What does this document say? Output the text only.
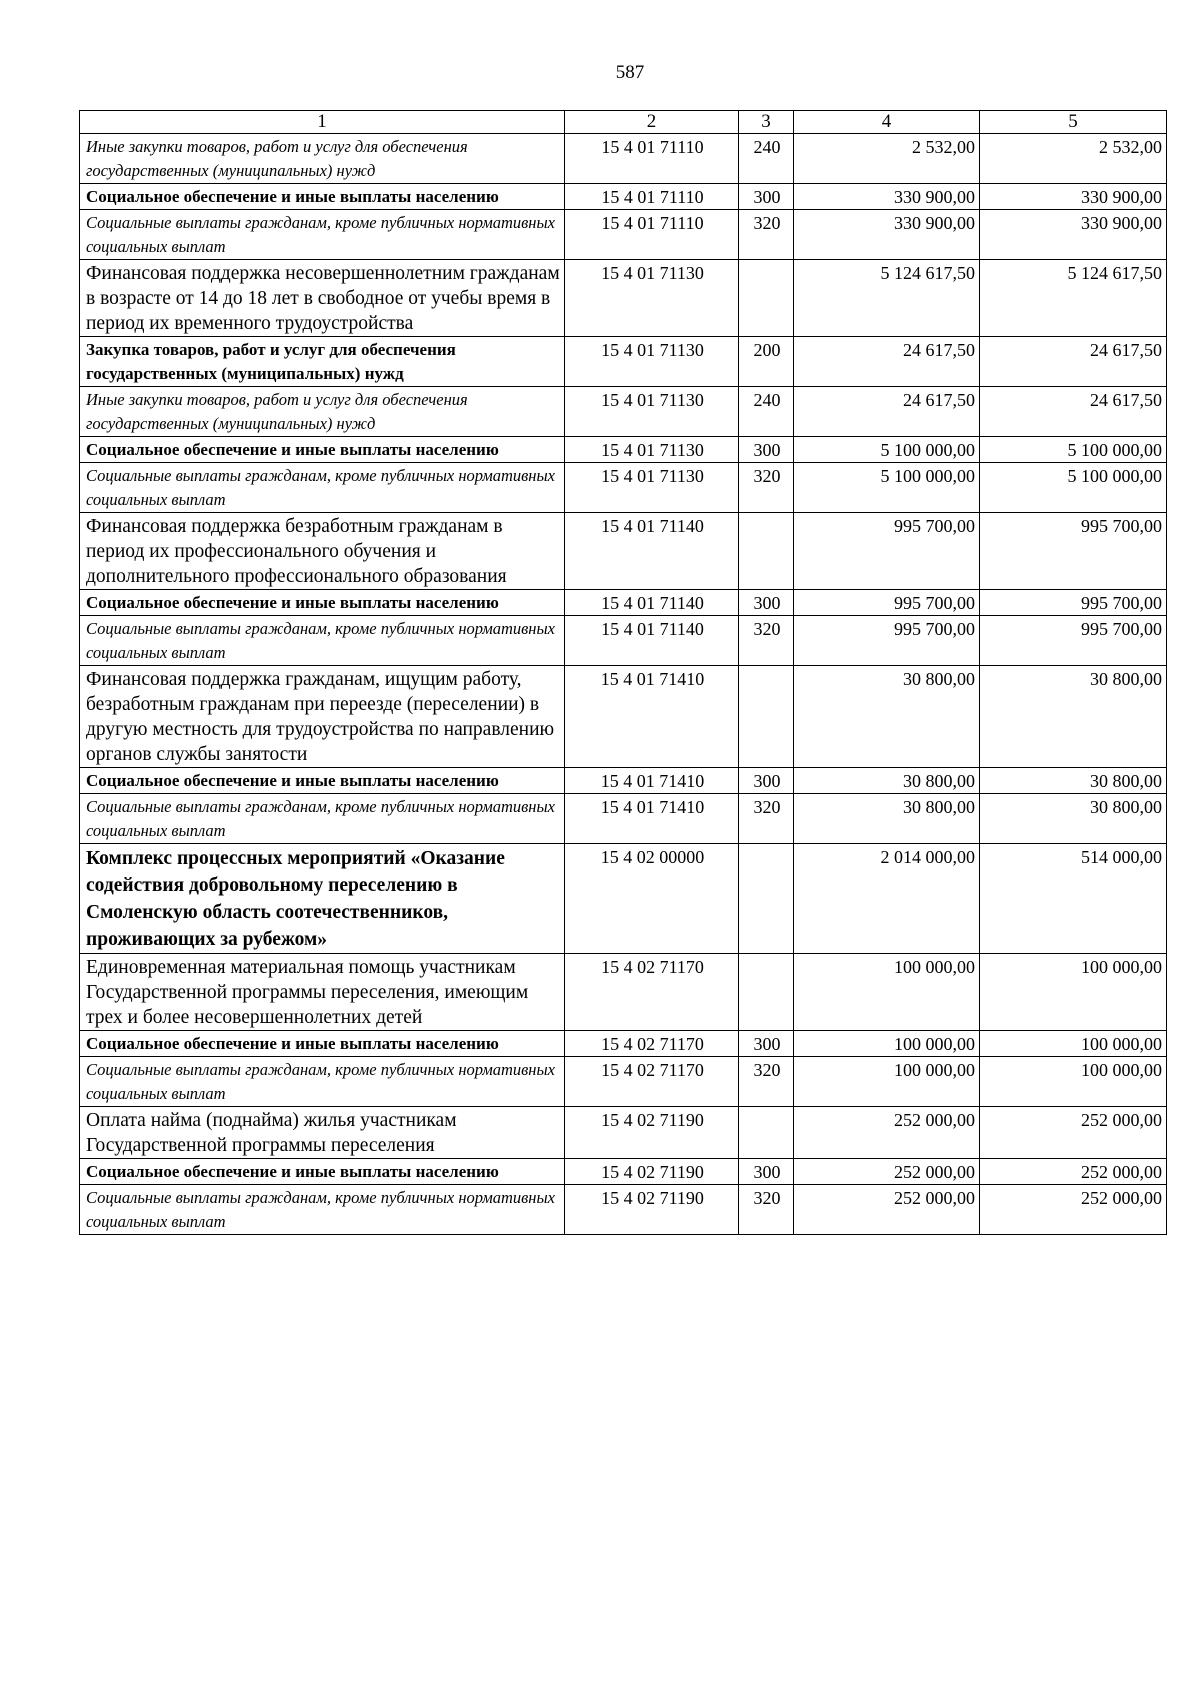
587
1	2	3	4	5
Иные закупки товаров, работ и услуг для обеспечения государственных (муниципальных) нужд	15 4 01 71110	240	2 532,00	2 532,00
Социальное обеспечение и иные выплаты населению	15 4 01 71110	300	330 900,00	330 900,00
Социальные выплаты гражданам, кроме публичных нормативных социальных выплат	15 4 01 71110	320	330 900,00	330 900,00
Финансовая поддержка несовершеннолетним гражданам в возрасте от 14 до 18 лет в свободное от учебы время в период их временного трудоустройства	15 4 01 71130		5 124 617,50	5 124 617,50
Закупка товаров, работ и услуг для обеспечения государственных (муниципальных) нужд	15 4 01 71130	200	24 617,50	24 617,50
Иные закупки товаров, работ и услуг для обеспечения государственных (муниципальных) нужд	15 4 01 71130	240	24 617,50	24 617,50
Социальное обеспечение и иные выплаты населению	15 4 01 71130	300	5 100 000,00	5 100 000,00
Социальные выплаты гражданам, кроме публичных нормативных социальных выплат	15 4 01 71130	320	5 100 000,00	5 100 000,00
Финансовая поддержка безработным гражданам в период их профессионального обучения и дополнительного профессионального образования	15 4 01 71140		995 700,00	995 700,00
Социальное обеспечение и иные выплаты населению	15 4 01 71140	300	995 700,00	995 700,00
Социальные выплаты гражданам, кроме публичных нормативных социальных выплат	15 4 01 71140	320	995 700,00	995 700,00
Финансовая поддержка гражданам, ищущим работу, безработным гражданам при переезде (переселении) в другую местность для трудоустройства по направлению органов службы занятости	15 4 01 71410		30 800,00	30 800,00
Социальное обеспечение и иные выплаты населению	15 4 01 71410	300	30 800,00	30 800,00
Социальные выплаты гражданам, кроме публичных нормативных социальных выплат	15 4 01 71410	320	30 800,00	30 800,00
Комплекс процессных мероприятий «Оказание содействия добровольному переселению в Смоленскую область соотечественников, проживающих за рубежом»	15 4 02 00000		2 014 000,00	514 000,00
Единовременная материальная помощь участникам Государственной программы переселения, имеющим трех и более несовершеннолетних детей	15 4 02 71170		100 000,00	100 000,00
Социальное обеспечение и иные выплаты населению	15 4 02 71170	300	100 000,00	100 000,00
Социальные выплаты гражданам, кроме публичных нормативных социальных выплат	15 4 02 71170	320	100 000,00	100 000,00
Оплата найма (поднайма) жилья участникам Государственной программы переселения	15 4 02 71190		252 000,00	252 000,00
Социальное обеспечение и иные выплаты населению	15 4 02 71190	300	252 000,00	252 000,00
Социальные выплаты гражданам, кроме публичных нормативных социальных выплат	15 4 02 71190	320	252 000,00	252 000,00
